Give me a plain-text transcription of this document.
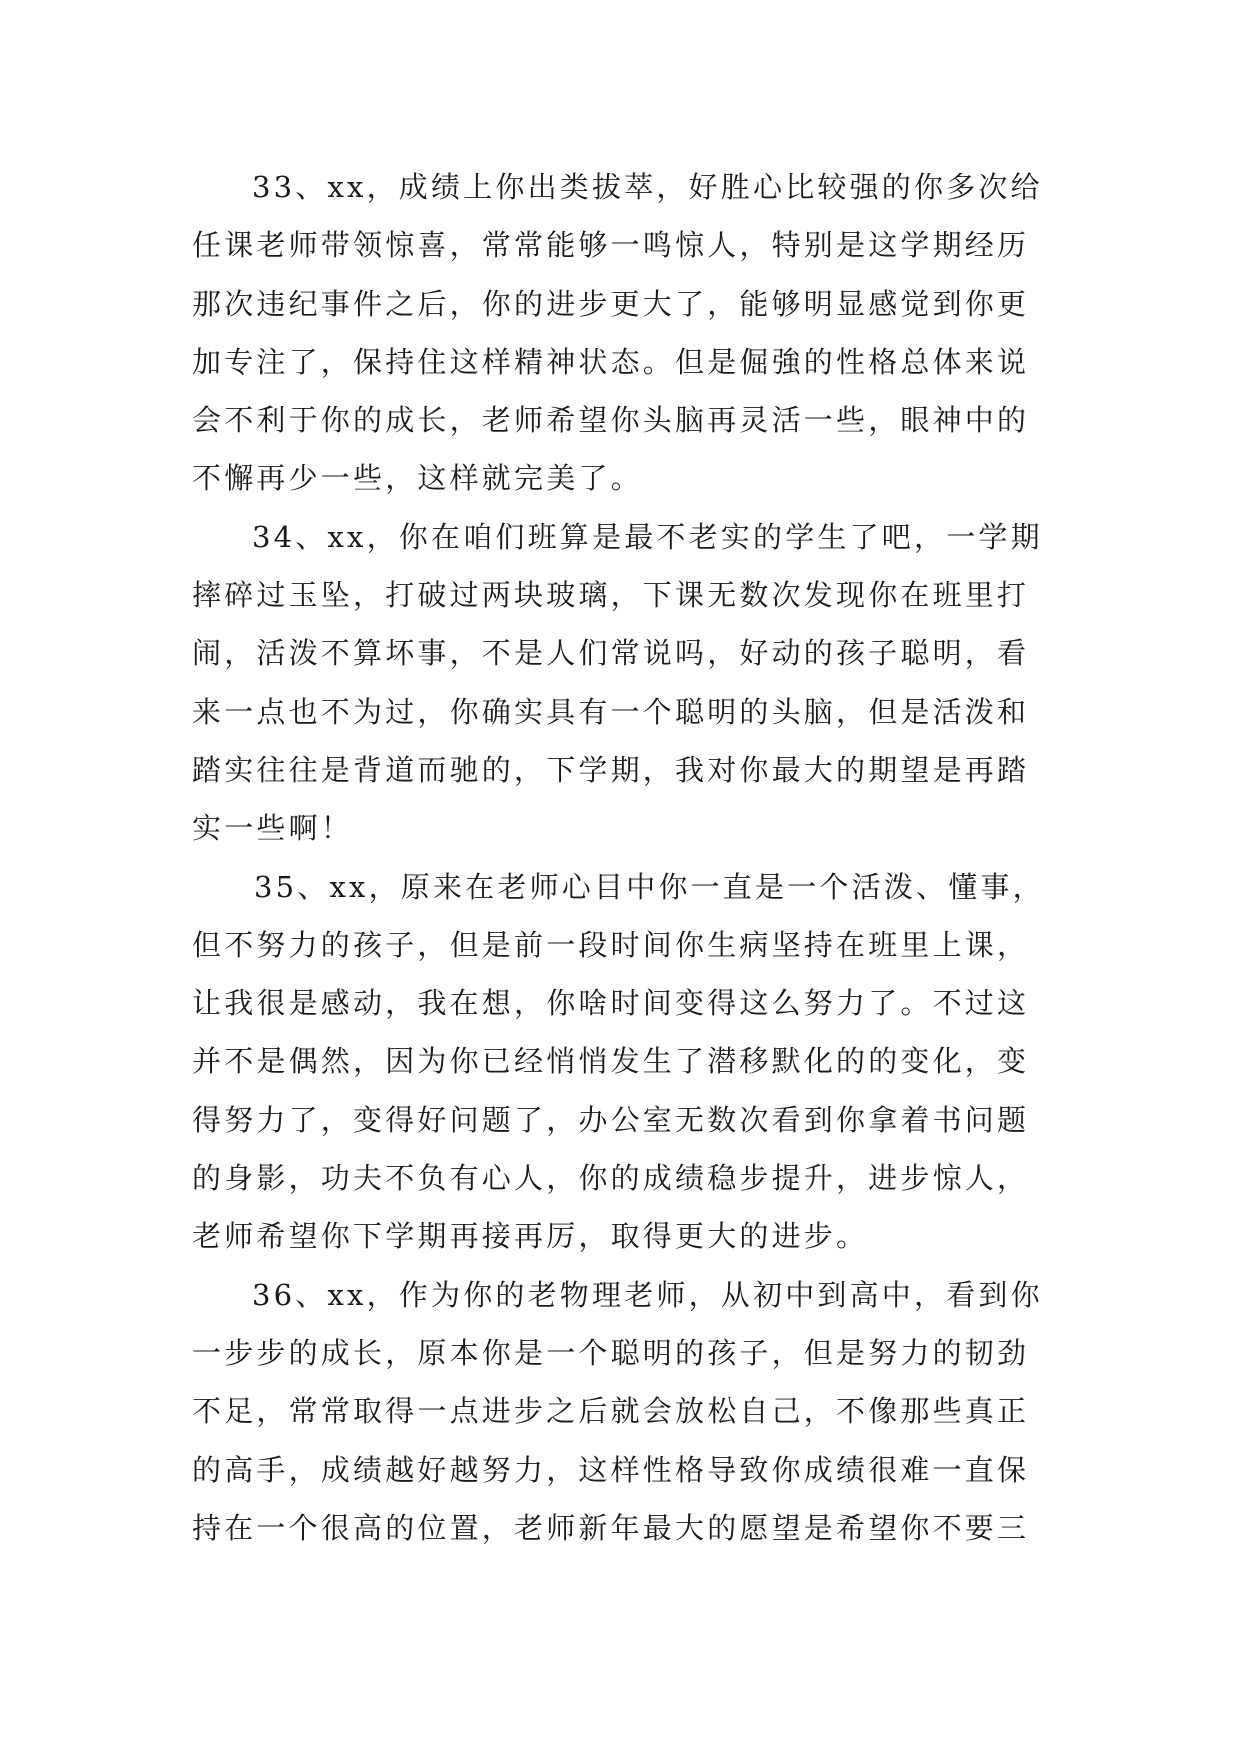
33、xx，成绩上你出类拔萃，好胜心比较强的你多次给
任课老师带领惊喜，常常能够一鸣惊人，特别是这学期经历
那次违纪事件之后，你的进步更大了，能够明显感觉到你更
加专注了，保持住这样精神状态。但是倔強的性格总体来说
会不利于你的成长，老师希望你头脑再灵活一些，眼神中的
不懈再少一些，这样就完美了。
34、xx，你在咱们班算是最不老实的学生了吧，一学期
摔碎过玉坠，打破过两块玻璃，下课无数次发现你在班里打
闹，活泼不算坏事，不是人们常说吗，好动的孩子聪明，看
来一点也不为过，你确实具有一个聪明的头脑，但是活泼和
踏实往往是背道而驰的，下学期，我对你最大的期望是再踏
实一些啊！
35、xx，原来在老师心目中你一直是一个活泼、懂事，
但不努力的孩子，但是前一段时间你生病坚持在班里上课，
让我很是感动，我在想，你啥时间变得这么努力了。不过这
并不是偶然，因为你已经悄悄发生了潜移默化的的变化，变
得努力了，变得好问题了，办公室无数次看到你拿着书问题
的身影，功夫不负有心人，你的成绩稳步提升，进步惊人，
老师希望你下学期再接再厉，取得更大的进步。
36、xx，作为你的老物理老师，从初中到高中，看到你
一步步的成长，原本你是一个聪明的孩子，但是努力的韧劲
不足，常常取得一点进步之后就会放松自己，不像那些真正
的高手，成绩越好越努力，这样性格导致你成绩很难一直保
持在一个很高的位置，老师新年最大的愿望是希望你不要三
